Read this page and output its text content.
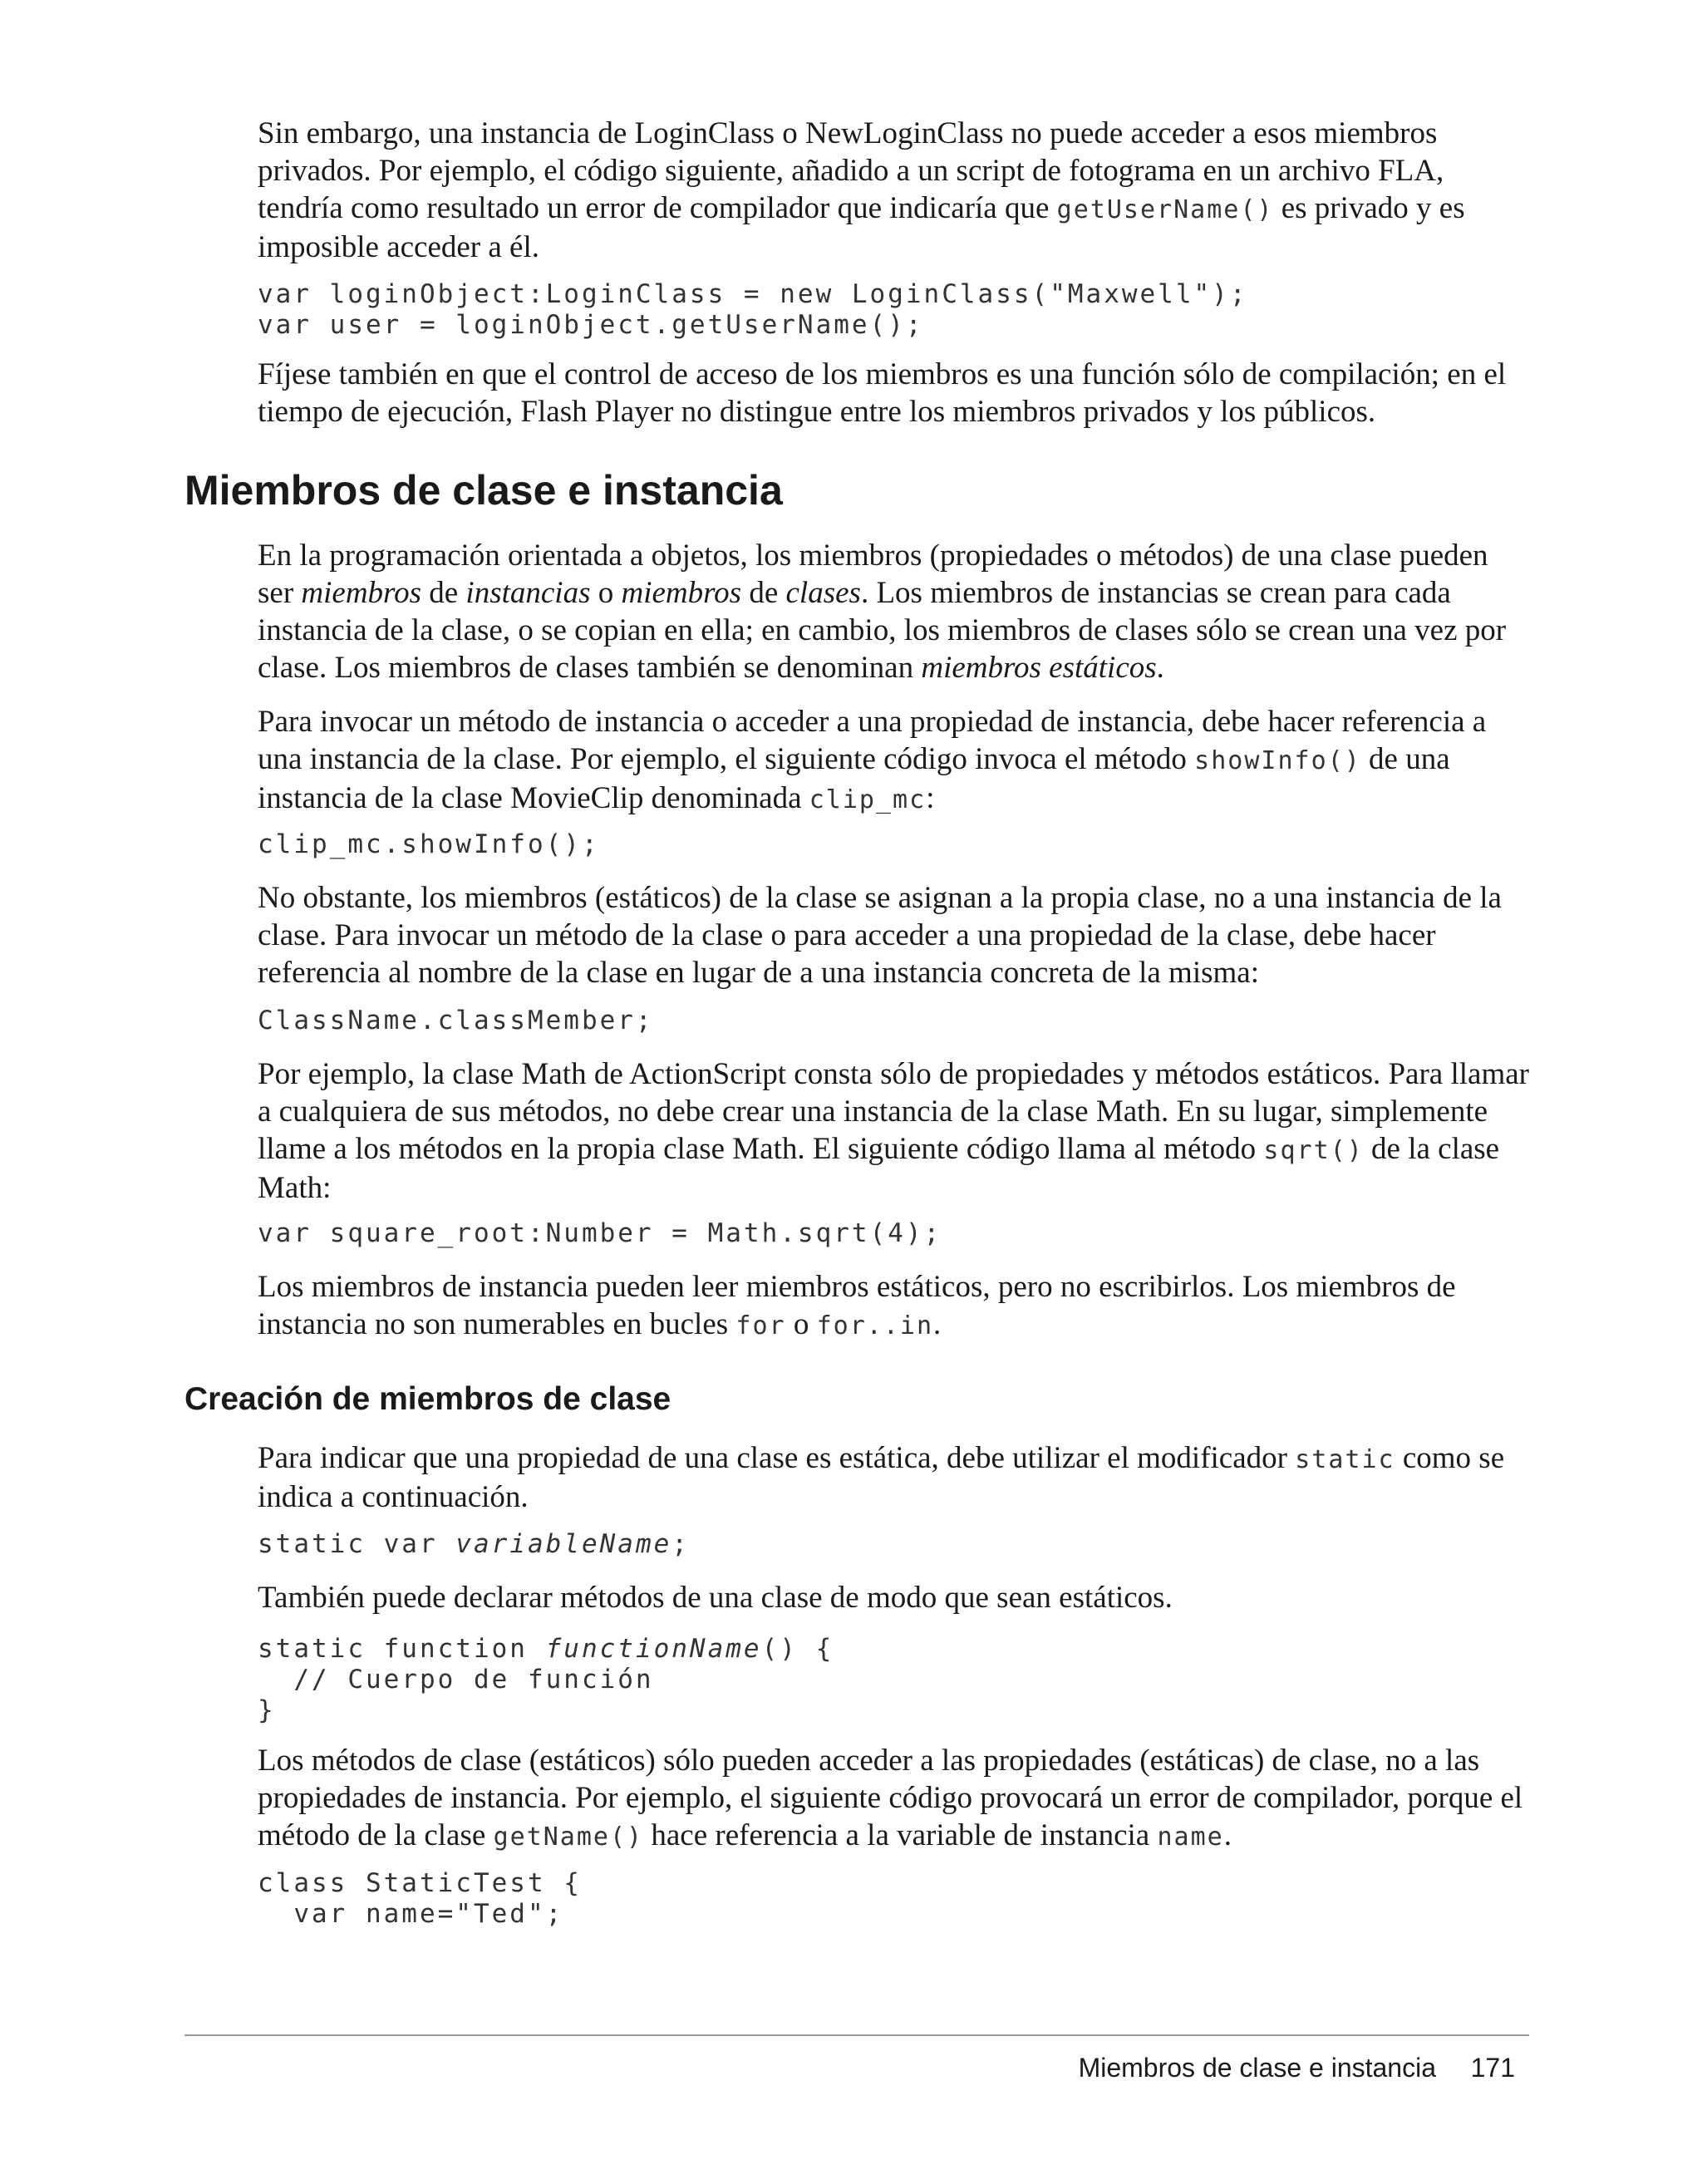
Sin embargo, una instancia de LoginClass o NewLoginClass no puede acceder a esos miembros privados. Por ejemplo, el código siguiente, añadido a un script de fotograma en un archivo FLA, tendría como resultado un error de compilador que indicaría que getUserName() es privado y es imposible acceder a él.

var loginObject:LoginClass = new LoginClass("Maxwell");
var user = loginObject.getUserName();

Fíjese también en que el control de acceso de los miembros es una función sólo de compilación; en el tiempo de ejecución, Flash Player no distingue entre los miembros privados y los públicos.

Miembros de clase e instancia

En la programación orientada a objetos, los miembros (propiedades o métodos) de una clase pueden ser miembros de instancias o miembros de clases. Los miembros de instancias se crean para cada instancia de la clase, o se copian en ella; en cambio, los miembros de clases sólo se crean una vez por clase. Los miembros de clases también se denominan miembros estáticos.

Para invocar un método de instancia o acceder a una propiedad de instancia, debe hacer referencia a una instancia de la clase. Por ejemplo, el siguiente código invoca el método showInfo() de una instancia de la clase MovieClip denominada clip_mc:

clip_mc.showInfo();

No obstante, los miembros (estáticos) de la clase se asignan a la propia clase, no a una instancia de la clase. Para invocar un método de la clase o para acceder a una propiedad de la clase, debe hacer referencia al nombre de la clase en lugar de a una instancia concreta de la misma:

ClassName.classMember;

Por ejemplo, la clase Math de ActionScript consta sólo de propiedades y métodos estáticos. Para llamar a cualquiera de sus métodos, no debe crear una instancia de la clase Math. En su lugar, simplemente llame a los métodos en la propia clase Math. El siguiente código llama al método sqrt() de la clase Math:

var square_root:Number = Math.sqrt(4);

Los miembros de instancia pueden leer miembros estáticos, pero no escribirlos. Los miembros de instancia no son numerables en bucles for o for..in.

Creación de miembros de clase

Para indicar que una propiedad de una clase es estática, debe utilizar el modificador static como se indica a continuación.

static var variableName;

También puede declarar métodos de una clase de modo que sean estáticos.

static function functionName() {
// Cuerpo de función
}

Los métodos de clase (estáticos) sólo pueden acceder a las propiedades (estáticas) de clase, no a las propiedades de instancia. Por ejemplo, el siguiente código provocará un error de compilador, porque el método de la clase getName() hace referencia a la variable de instancia name.

class StaticTest {
var name="Ted";
Miembros de clase e instancia 171
